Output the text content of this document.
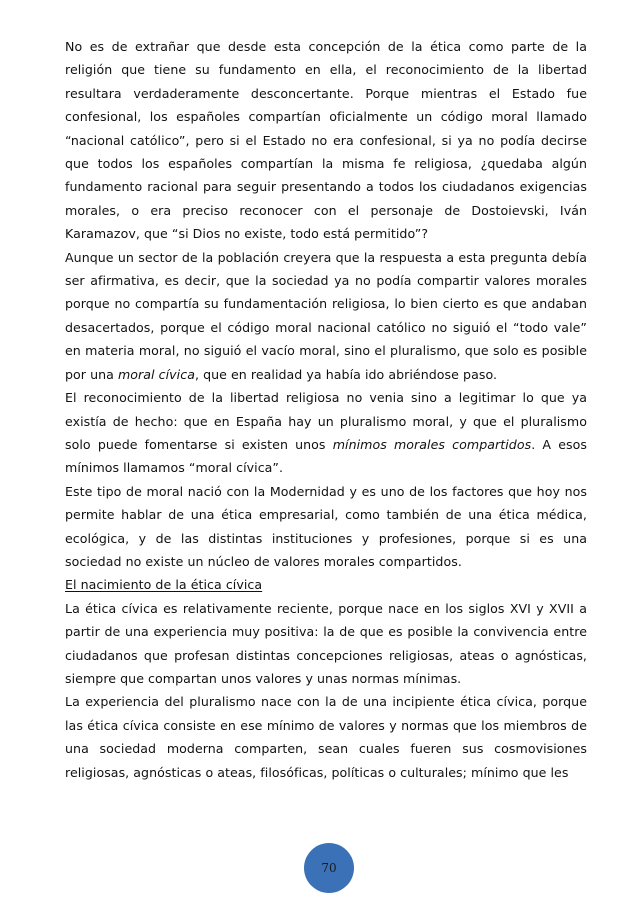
No es de extrañar que desde esta concepción de la ética como parte de la religión que tiene su fundamento en ella, el reconocimiento de la libertad resultara verdaderamente desconcertante. Porque mientras el Estado fue confesional, los españoles compartían oficialmente un código moral llamado “nacional católico”, pero si el Estado no era confesional, si ya no podía decirse que todos los españoles compartían la misma fe religiosa, ¿quedaba algún fundamento racional para seguir presentando a todos los ciudadanos exigencias morales, o era preciso reconocer con el personaje de Dostoievski, Iván Karamazov, que “si Dios no existe, todo está permitido”?

Aunque un sector de la población creyera que la respuesta a esta pregunta debía ser afirmativa, es decir, que la sociedad ya no podía compartir valores morales porque no compartía su fundamentación religiosa, lo bien cierto es que andaban desacertados, porque el código moral nacional católico no siguió el “todo vale” en materia moral, no siguió el vacío moral, sino el pluralismo, que solo es posible por una moral cívica, que en realidad ya había ido abriéndose paso.

El reconocimiento de la libertad religiosa no venia sino a legitimar lo que ya existía de hecho: que en España hay un pluralismo moral, y que el pluralismo solo puede fomentarse si existen unos mínimos morales compartidos. A esos mínimos llamamos “moral cívica”.

Este tipo de moral nació con la Modernidad y es uno de los factores que hoy nos permite hablar de una ética empresarial, como también de una ética médica, ecológica, y de las distintas instituciones y profesiones, porque si es una sociedad no existe un núcleo de valores morales compartidos.

El nacimiento de la ética cívica

La ética cívica es relativamente reciente, porque nace en los siglos XVI y XVII a partir de una experiencia muy positiva: la de que es posible la convivencia entre ciudadanos que profesan distintas concepciones religiosas, ateas o agnósticas, siempre que compartan unos valores y unas normas mínimas.

La experiencia del pluralismo nace con la de una incipiente ética cívica, porque las ética cívica consiste en ese mínimo de valores y normas que los miembros de una sociedad moderna comparten, sean cuales fueren sus cosmovisiones religiosas, agnósticas o ateas, filosóficas, políticas o culturales; mínimo que les

70
